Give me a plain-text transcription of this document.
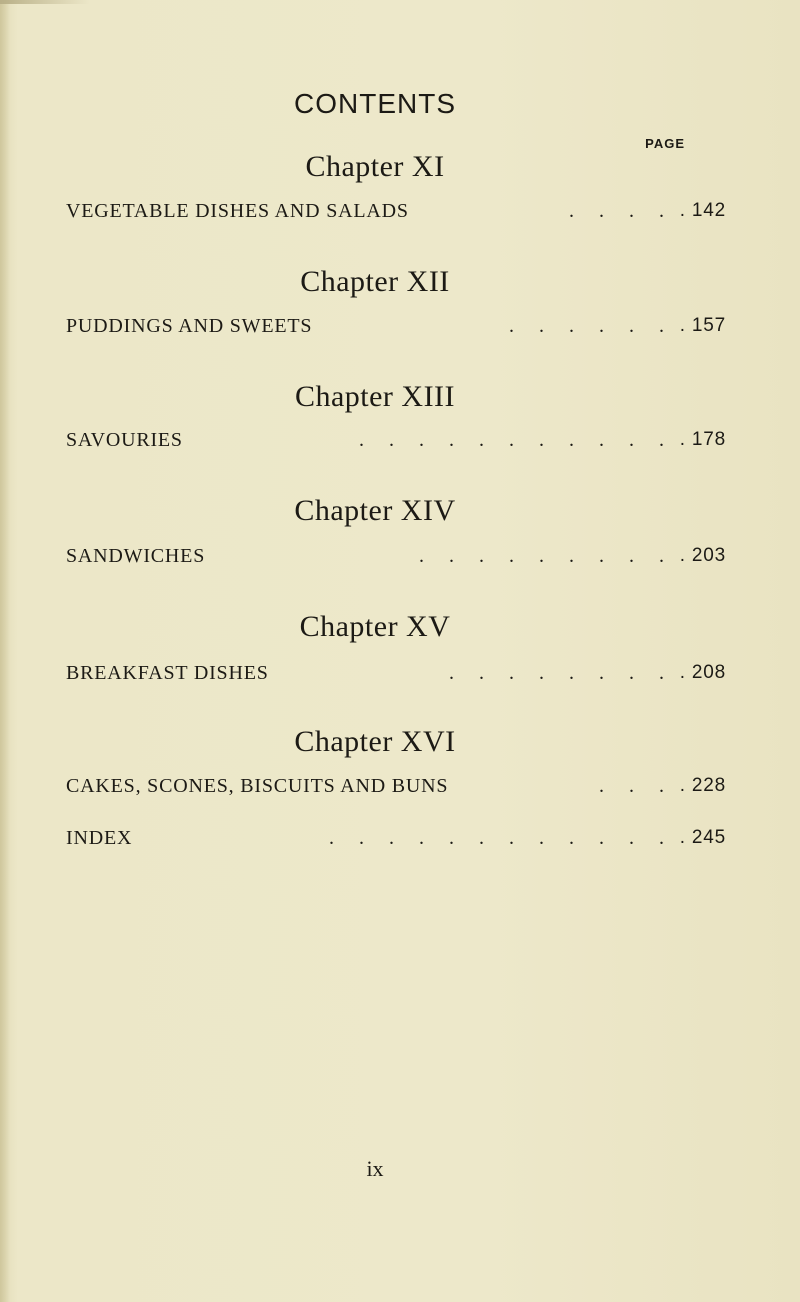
CONTENTS
PAGE
Chapter XI
VEGETABLE DISHES AND SALADS	. . . . . 142
Chapter XII
PUDDINGS AND SWEETS	. . . . . . . 157
Chapter XIII
SAVOURIES	. . . . . . . . . . . . 178
Chapter XIV
SANDWICHES	. . . . . . . . . . 203
Chapter XV
BREAKFAST DISHES	. . . . . . . . . 208
Chapter XVI
CAKES, SCONES, BISCUITS AND BUNS	. . . . 228
INDEX	. . . . . . . . . . . . . 245
ix
